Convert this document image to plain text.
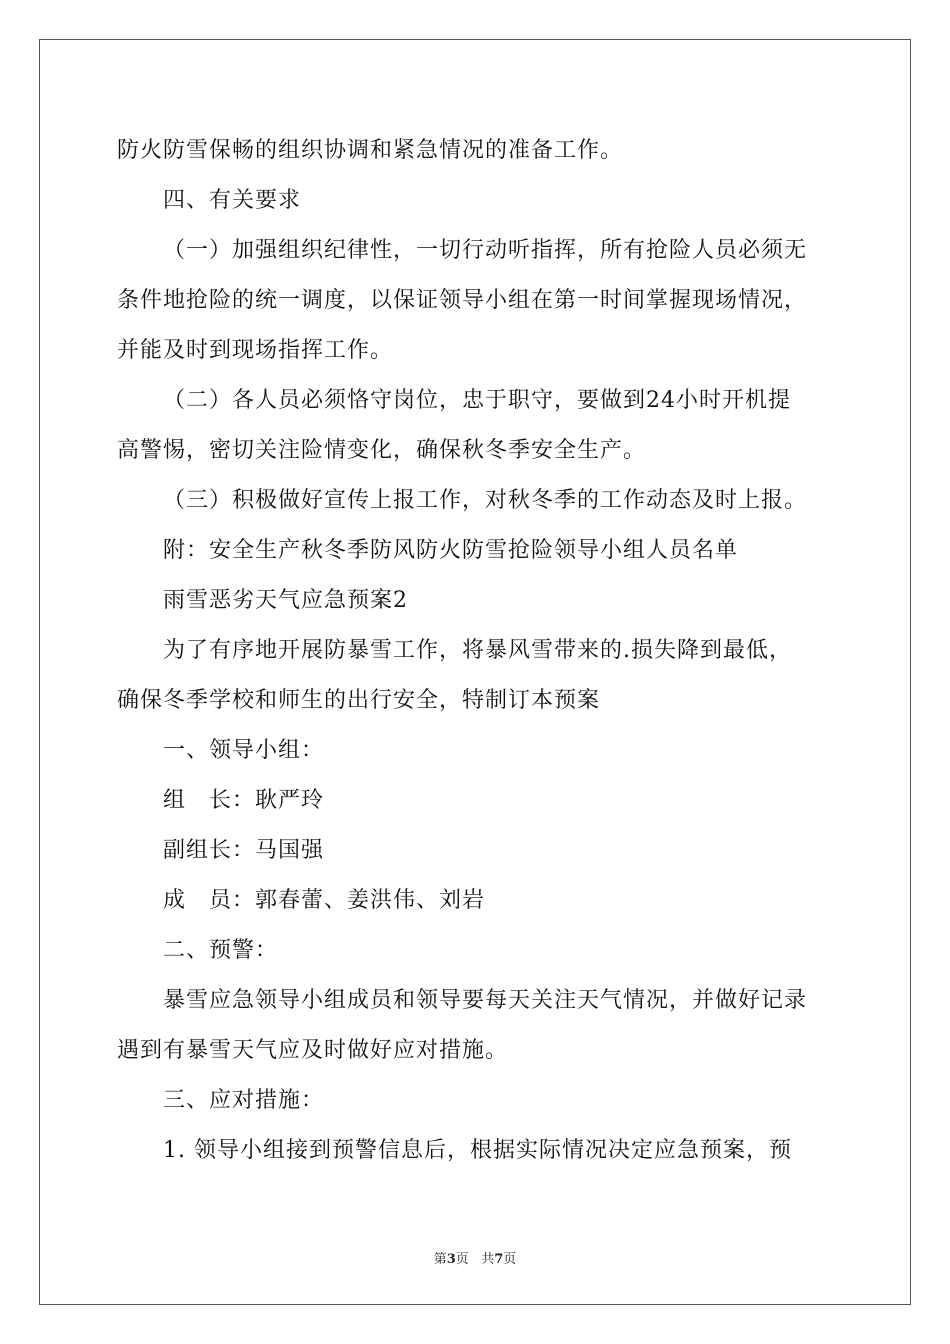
防火防雪保畅的组织协调和紧急情况的准备工作。
四、有关要求
（一）加强组织纪律性，一切行动听指挥，所有抢险人员必须无
条件地抢险的统一调度，以保证领导小组在第一时间掌握现场情况，
并能及时到现场指挥工作。
（二）各人员必须恪守岗位，忠于职守，要做到24小时开机提
高警惕，密切关注险情变化，确保秋冬季安全生产。
（三）积极做好宣传上报工作，对秋冬季的工作动态及时上报。
附：安全生产秋冬季防风防火防雪抢险领导小组人员名单
雨雪恶劣天气应急预案2
为了有序地开展防暴雪工作，将暴风雪带来的.损失降到最低，
确保冬季学校和师生的出行安全，特制订本预案
一、领导小组：
组　长：耿严玲
副组长：马国强
成　员：郭春蕾、姜洪伟、刘岩
二、预警：
暴雪应急领导小组成员和领导要每天关注天气情况，并做好记录
遇到有暴雪天气应及时做好应对措施。
三、应对措施：
1. 领导小组接到预警信息后，根据实际情况决定应急预案，预
第3页 共7页
